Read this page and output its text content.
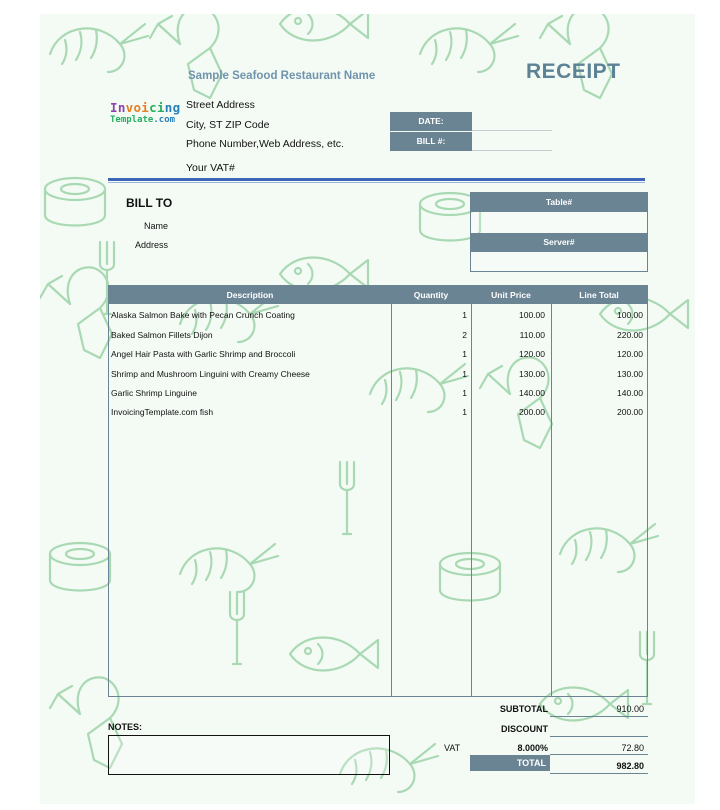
Sample Seafood Restaurant Name	RECEIPT
Invoicing
Template.com
Street Address
City, ST ZIP Code
Phone Number,Web Address, etc.
Your VAT#
DATE:
BILL #:
BILL TO
Name
Address
Table#
Server#
Description	Quantity	Unit Price	Line Total
Alaska Salmon Bake with Pecan Crunch Coating	1	100.00	100.00
Baked Salmon Fillets Dijon	2	110.00	220.00
Angel Hair Pasta with Garlic Shrimp and Broccoli	1	120.00	120.00
Shrimp and Mushroom Linguini with Creamy Cheese	1	130.00	130.00
Garlic Shrimp Linguine	1	140.00	140.00
InvoicingTemplate.com fish	1	200.00	200.00
SUBTOTAL	910.00
DISCOUNT
VAT	8.000%	72.80
TOTAL	982.80
NOTES:
